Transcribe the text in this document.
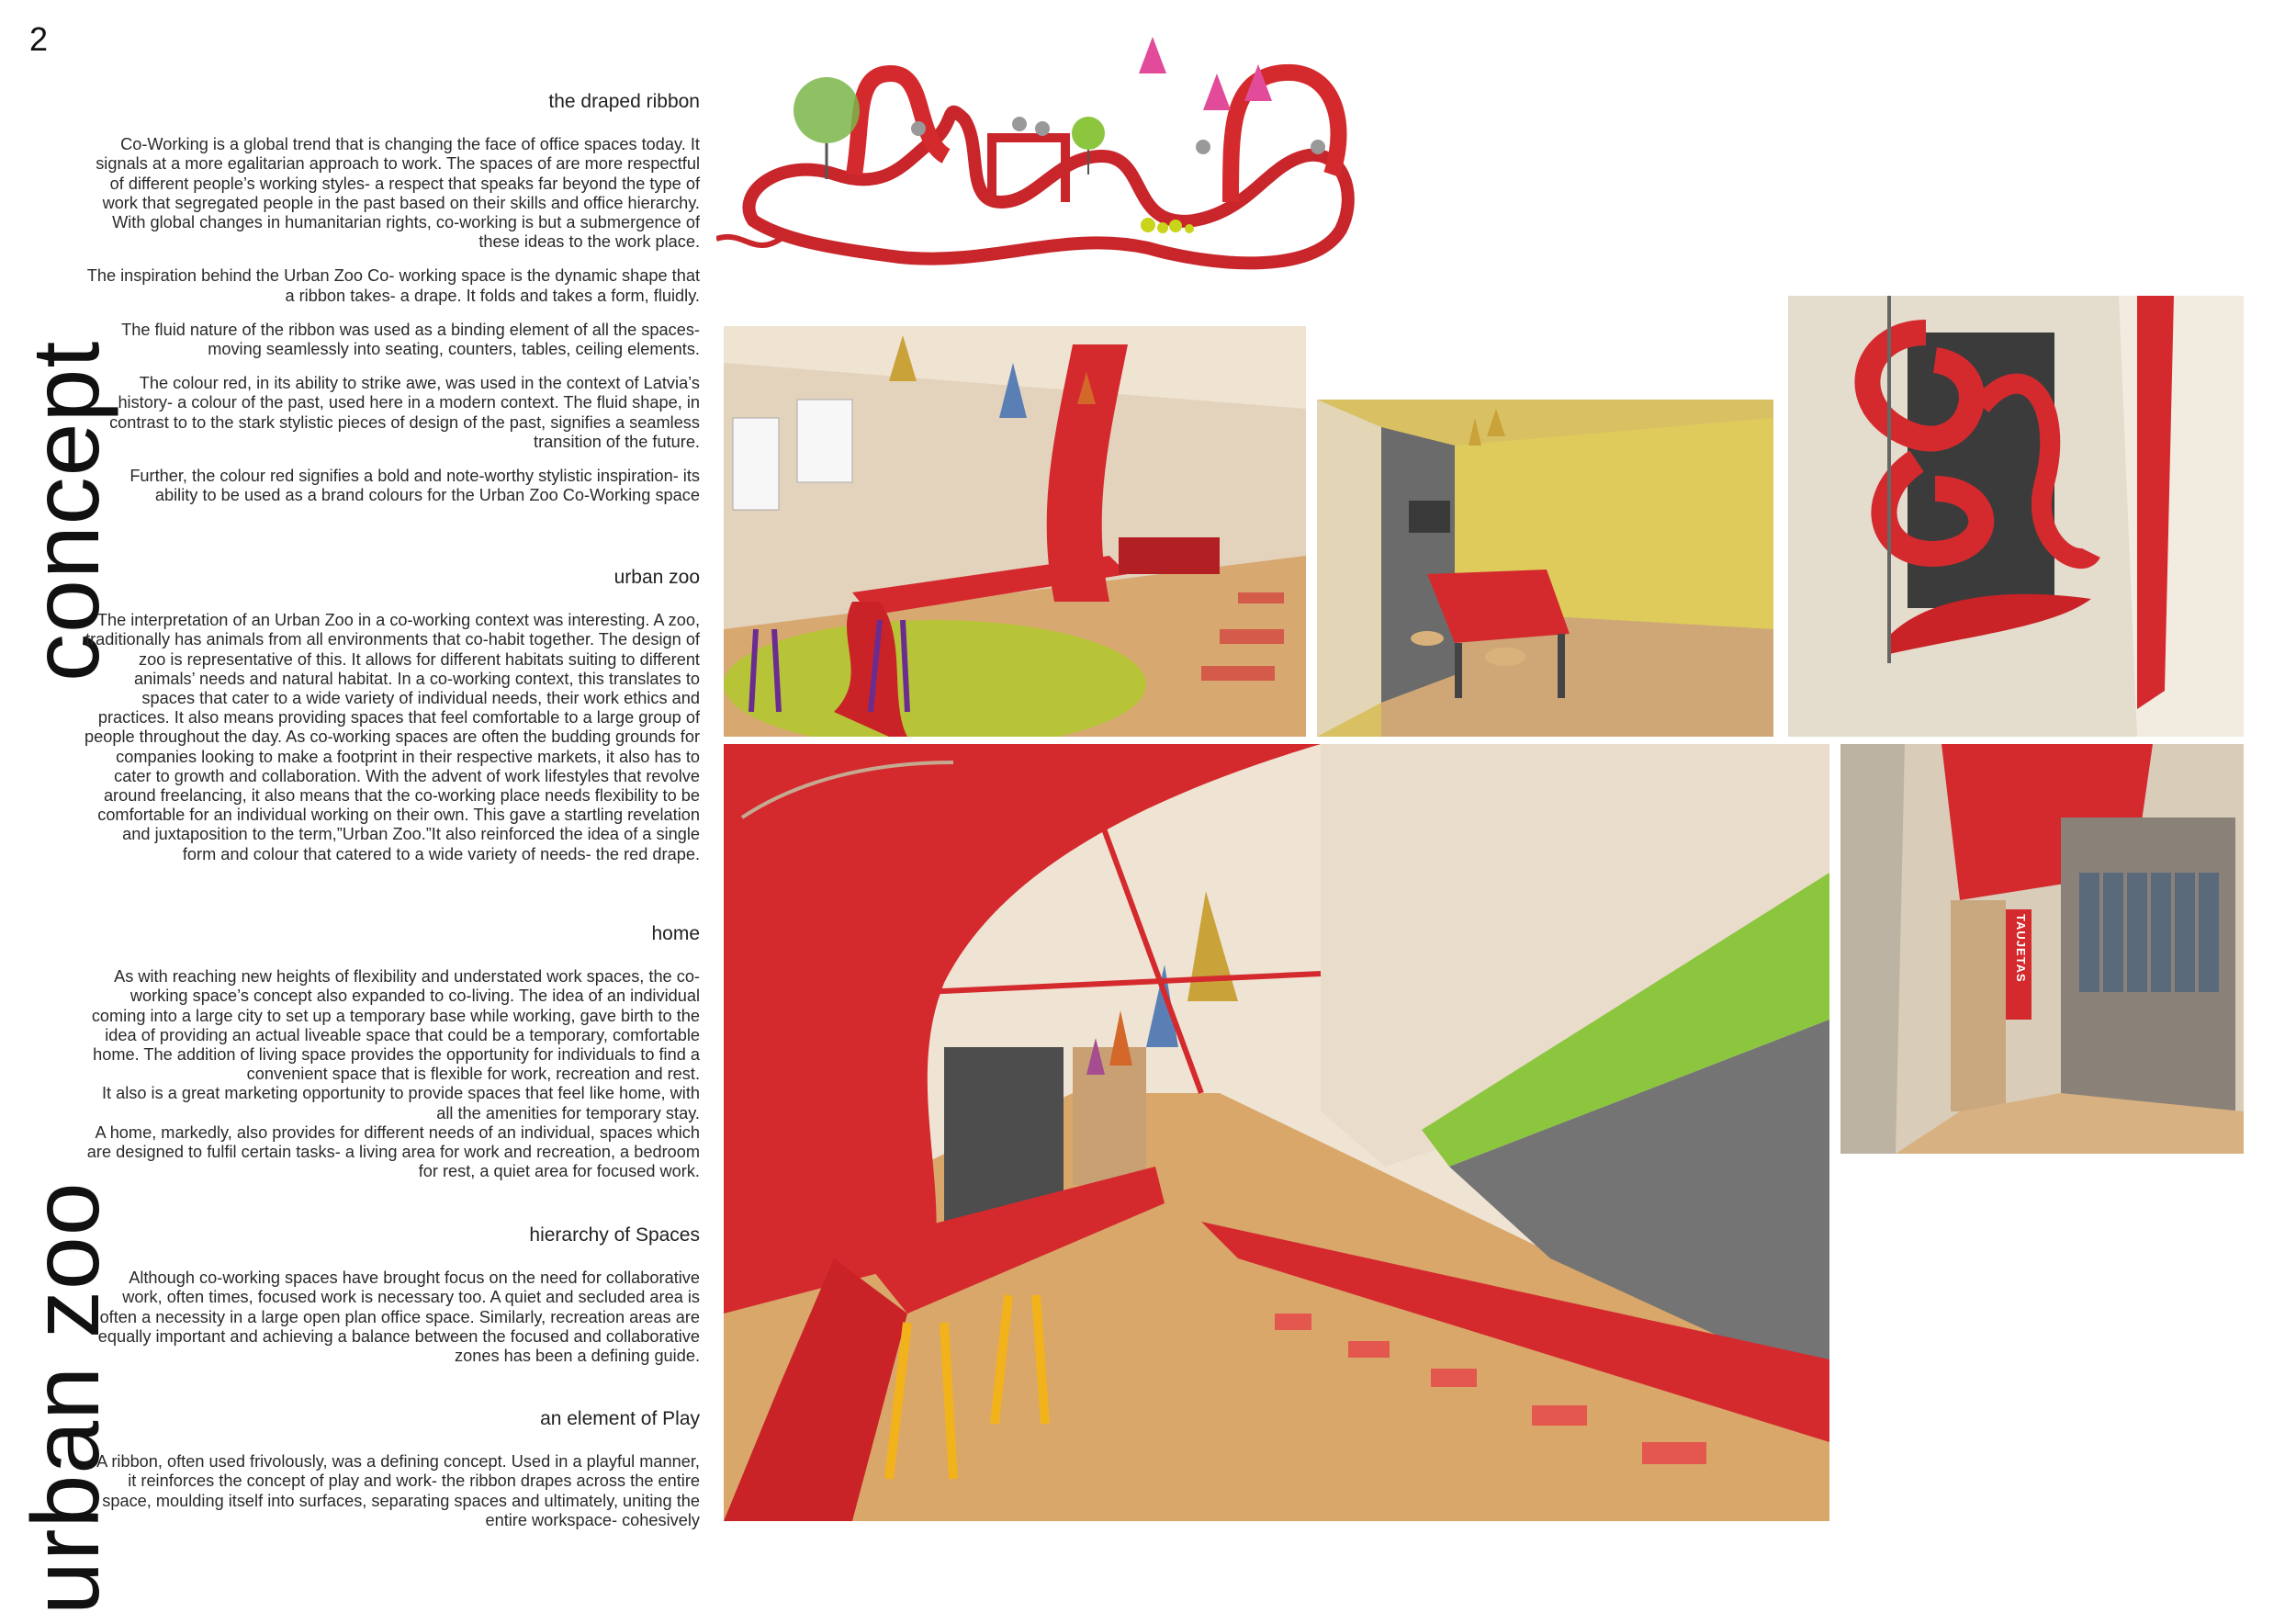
2
concept
urban zoo
the draped ribbon

Co-Working is a global trend that is changing the face of office spaces today. It signals at a more egalitarian approach to work. The spaces of are more respectful of different people’s working styles- a respect that speaks far beyond the type of work that segregated people in the past based on their skills and office hierarchy. With global changes in humanitarian rights, co-working is but a submergence of these ideas to the work place.

The inspiration behind the Urban Zoo Co- working space is the dynamic shape that a ribbon takes- a drape. It folds and takes a form, fluidly.

The fluid nature of the ribbon was used as a binding element of all the spaces- moving seamlessly into seating, counters, tables, ceiling elements.

The colour red, in its ability to strike awe, was used in the context of Latvia’s history- a colour of the past, used here in a modern context. The fluid shape, in contrast to to the stark stylistic pieces of design of the past, signifies a seamless transition of the future.

Further, the colour red signifies a bold and note-worthy stylistic inspiration- its ability to be used as a brand colours for the Urban Zoo Co-Working space

urban zoo

The interpretation of an Urban Zoo in a co-working context was interesting. A zoo, traditionally has animals from all environments that co-habit together. The design of zoo is representative of this. It allows for different habitats suiting to different animals’ needs and natural habitat. In a co-working context, this translates to spaces that cater to a wide variety of individual needs, their work ethics and practices. It also means providing spaces that feel comfortable to a large group of people throughout the day. As co-working spaces are often the budding grounds for companies looking to make a footprint in their respective markets, it also has to cater to growth and collaboration. With the advent of work lifestyles that revolve around freelancing, it also means that the co-working place needs flexibility to be comfortable for an individual working on their own. This gave a startling revelation and juxtaposition to the term,”Urban Zoo.”It also reinforced the idea of a single form and colour that catered to a wide variety of needs- the red drape.

home

As with reaching new heights of flexibility and understated work spaces, the co-working space’s concept also expanded to co-living. The idea of an individual coming into a large city to set up a temporary base while working, gave birth to the idea of providing an actual liveable space that could be a temporary, comfortable home. The addition of living space provides the opportunity for individuals to find a convenient space that is flexible for work, recreation and rest.

It also is a great marketing opportunity to provide spaces that feel like home, with all the amenities for temporary stay.

A home, markedly, also provides for different needs of an individual, spaces which are designed to fulfil certain tasks- a living area for work and recreation, a bedroom for rest, a quiet area for focused work.

hierarchy of Spaces

Although co-working spaces have brought focus on the need for collaborative work, often times, focused work is necessary too. A quiet and secluded area is often a necessity in a large open plan office space. Similarly, recreation areas are equally important and achieving a balance between the focused and collaborative zones has been a defining guide.

an element of Play

A ribbon, often used frivolously, was a defining concept. Used in a playful manner, it reinforces the concept of play and work- the ribbon drapes across the entire space, moulding itself into surfaces, separating spaces and ultimately, uniting the entire workspace- cohesively

TAUJETAS
